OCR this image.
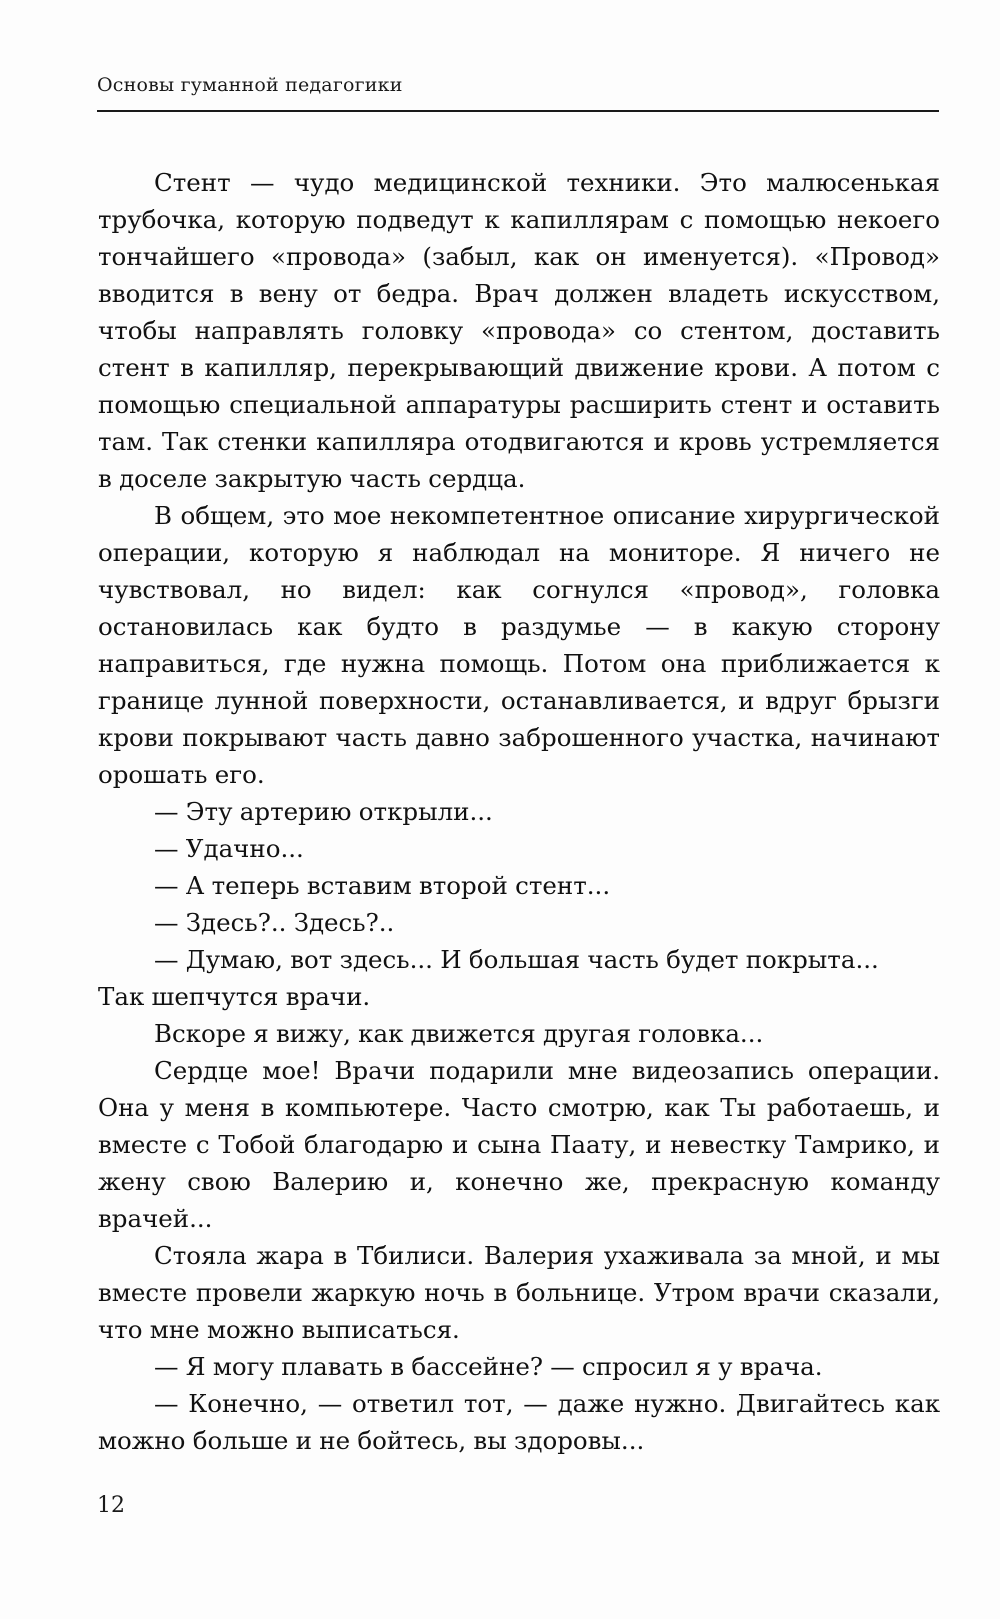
Основы гуманной педагогики

Стент — чудо медицинской техники. Это малюсенькая трубочка, которую подведут к капиллярам с помощью некоего тончайшего «провода» (забыл, как он именуется). «Провод» вводится в вену от бедра. Врач должен владеть искусством, чтобы направлять головку «провода» со стентом, доставить стент в капилляр, перекрывающий движение крови. А потом с помощью специальной аппаратуры расширить стент и оставить там. Так стенки капилляра отодвигаются и кровь устремляется в доселе закрытую часть сердца.

В общем, это мое некомпетентное описание хирургической операции, которую я наблюдал на мониторе. Я ничего не чувствовал, но видел: как согнулся «провод», головка остановилась как будто в раздумье — в какую сторону направиться, где нужна помощь. Потом она приближается к границе лунной поверхности, останавливается, и вдруг брызги крови покрывают часть давно заброшенного участка, начинают орошать его.

— Эту артерию открыли...

— Удачно...

— А теперь вставим второй стент...

— Здесь?.. Здесь?..

— Думаю, вот здесь... И большая часть будет покрыта...

Так шепчутся врачи.

Вскоре я вижу, как движется другая головка...

Сердце мое! Врачи подарили мне видеозапись операции. Она у меня в компьютере. Часто смотрю, как Ты работаешь, и вместе с Тобой благодарю и сына Паату, и невестку Тамрико, и жену свою Валерию и, конечно же, прекрасную команду врачей...

Стояла жара в Тбилиси. Валерия ухаживала за мной, и мы вместе провели жаркую ночь в больнице. Утром врачи сказали, что мне можно выписаться.

— Я могу плавать в бассейне? — спросил я у врача.

— Конечно, — ответил тот, — даже нужно. Двигайтесь как можно больше и не бойтесь, вы здоровы...

12
